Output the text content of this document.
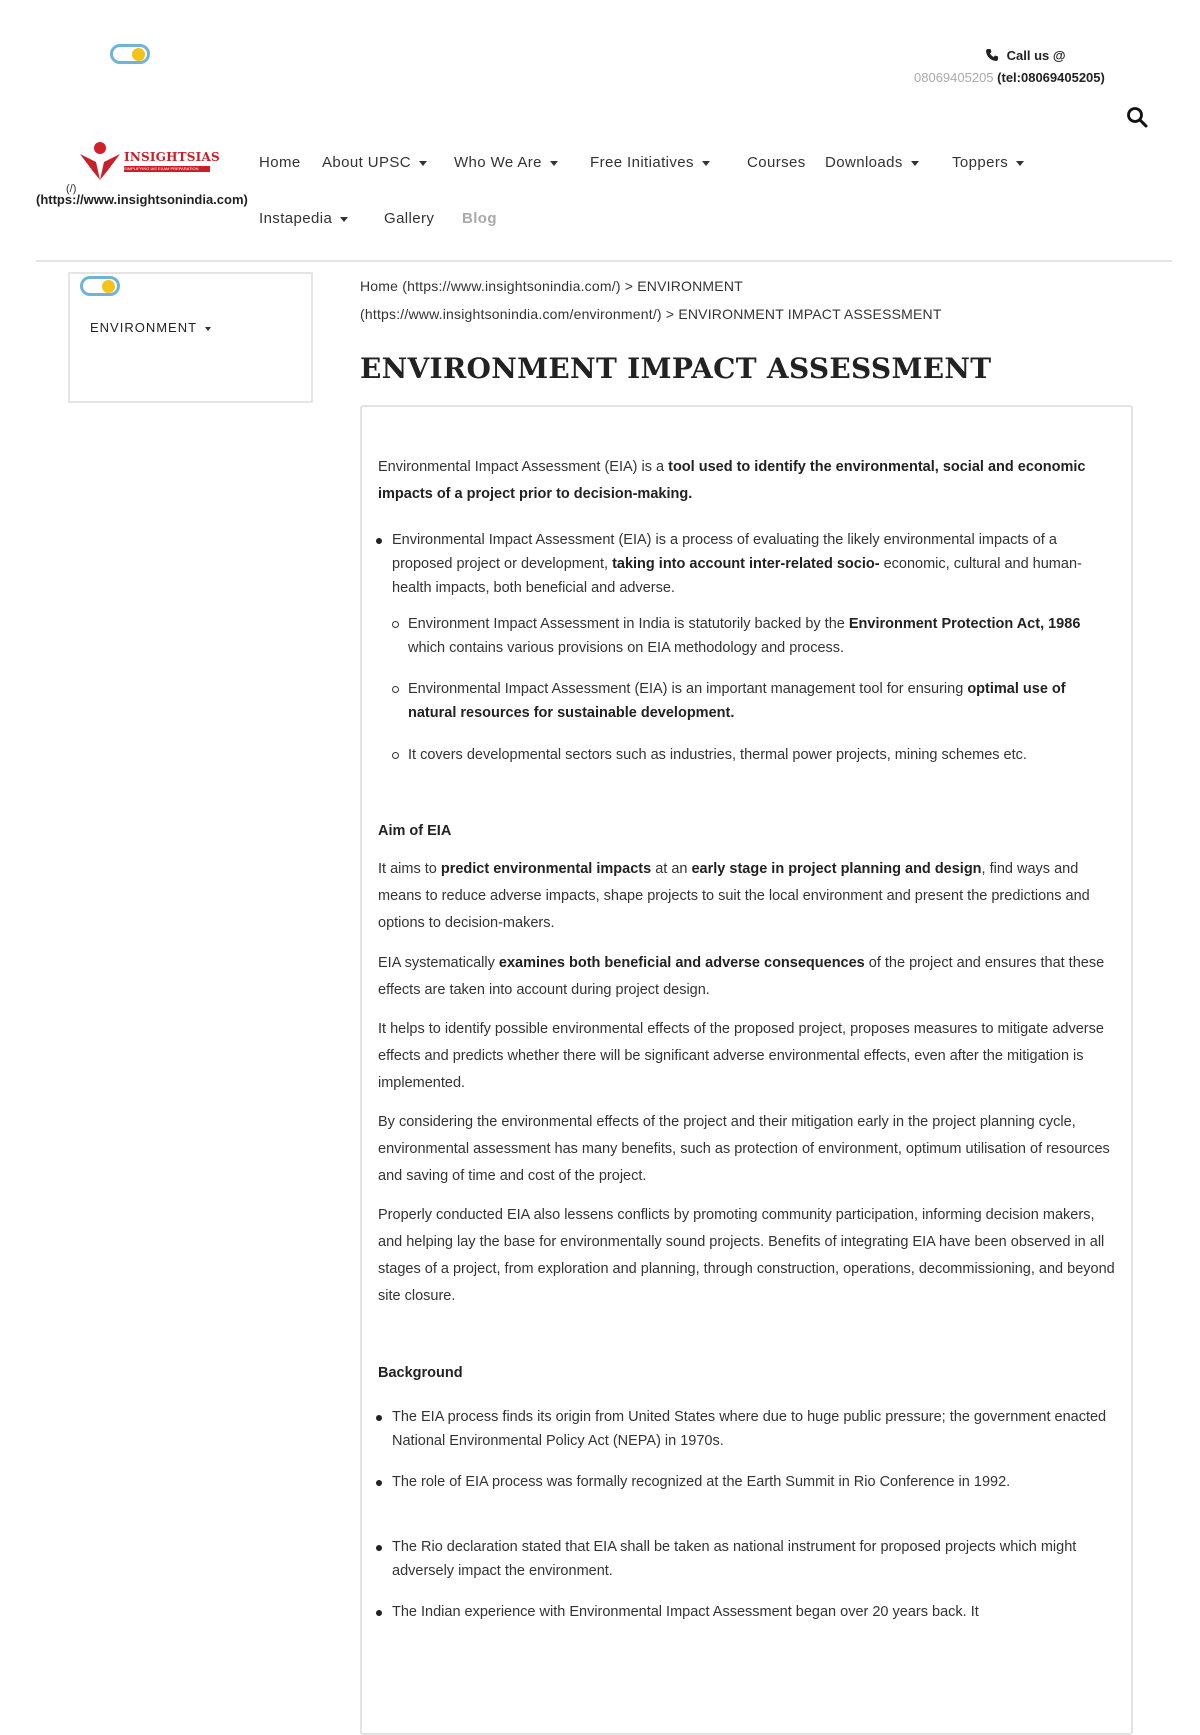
Call us @
08069405205 (tel:08069405205)
INSIGHTSIAS
SIMPLIFYING IAS EXAM PREPARATION
(/)
(https://www.insightsonindia.com)
Home About UPSC	Who We Are	Free Initiatives	Courses Downloads	Toppers
Instapedia	Gallery Blog
ENVIRONMENT
Home (https://www.insightsonindia.com/) > ENVIRONMENT
(https://www.insightsonindia.com/environment/) > ENVIRONMENT IMPACT ASSESSMENT
ENVIRONMENT IMPACT ASSESSMENT
Environmental Impact Assessment (EIA) is a tool used to identify the environmental, social and economic impacts of a project prior to decision-making.
Environmental Impact Assessment (EIA) is a process of evaluating the likely environmental impacts of a proposed project or development, taking into account inter-related socio- economic, cultural and human-health impacts, both beneficial and adverse.
Environment Impact Assessment in India is statutorily backed by the Environment Protection Act, 1986 which contains various provisions on EIA methodology and process.
Environmental Impact Assessment (EIA) is an important management tool for ensuring optimal use of natural resources for sustainable development.
It covers developmental sectors such as industries, thermal power projects, mining schemes etc.
Aim of EIA
It aims to predict environmental impacts at an early stage in project planning and design, find ways and means to reduce adverse impacts, shape projects to suit the local environment and present the predictions and options to decision-makers.
EIA systematically examines both beneficial and adverse consequences of the project and ensures that these effects are taken into account during project design.
It helps to identify possible environmental effects of the proposed project, proposes measures to mitigate adverse effects and predicts whether there will be significant adverse environmental effects, even after the mitigation is implemented.
By considering the environmental effects of the project and their mitigation early in the project planning cycle, environmental assessment has many benefits, such as protection of environment, optimum utilisation of resources and saving of time and cost of the project.
Properly conducted EIA also lessens conflicts by promoting community participation, informing decision makers, and helping lay the base for environmentally sound projects. Benefits of integrating EIA have been observed in all stages of a project, from exploration and planning, through construction, operations, decommissioning, and beyond site closure.
Background
The EIA process finds its origin from United States where due to huge public pressure; the government enacted National Environmental Policy Act (NEPA) in 1970s.
The role of EIA process was formally recognized at the Earth Summit in Rio Conference in 1992.
The Rio declaration stated that EIA shall be taken as national instrument for proposed projects which might adversely impact the environment.
The Indian experience with Environmental Impact Assessment began over 20 years back. It
